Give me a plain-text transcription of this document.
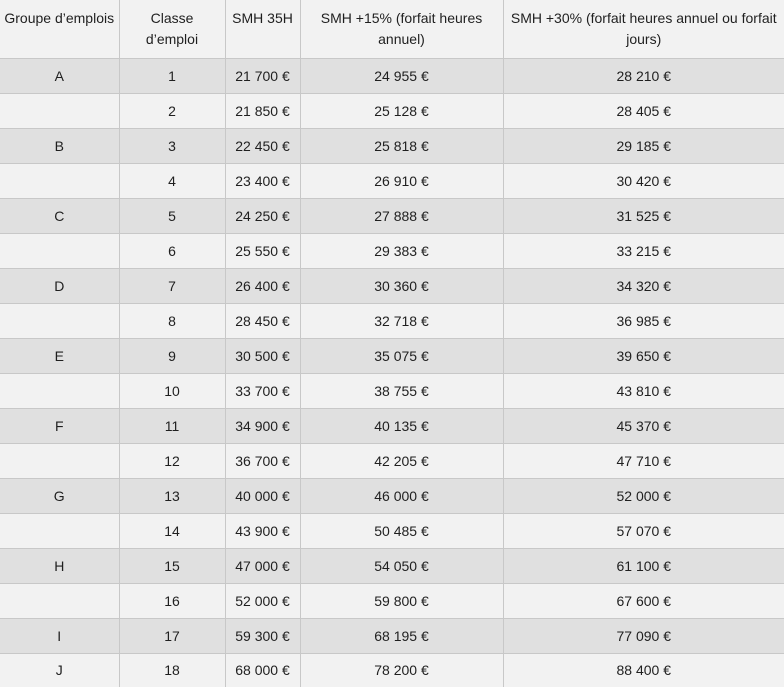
Groupe d’emplois	Classe d’emploi	SMH 35H	SMH +15% (forfait heures annuel)	SMH +30% (forfait heures annuel ou forfait jours)
A	1	21 700 €	24 955 €	28 210 €
	2	21 850 €	25 128 €	28 405 €
B	3	22 450 €	25 818 €	29 185 €
	4	23 400 €	26 910 €	30 420 €
C	5	24 250 €	27 888 €	31 525 €
	6	25 550 €	29 383 €	33 215 €
D	7	26 400 €	30 360 €	34 320 €
	8	28 450 €	32 718 €	36 985 €
E	9	30 500 €	35 075 €	39 650 €
	10	33 700 €	38 755 €	43 810 €
F	11	34 900 €	40 135 €	45 370 €
	12	36 700 €	42 205 €	47 710 €
G	13	40 000 €	46 000 €	52 000 €
	14	43 900 €	50 485 €	57 070 €
H	15	47 000 €	54 050 €	61 100 €
	16	52 000 €	59 800 €	67 600 €
I	17	59 300 €	68 195 €	77 090 €
J	18	68 000 €	78 200 €	88 400 €
